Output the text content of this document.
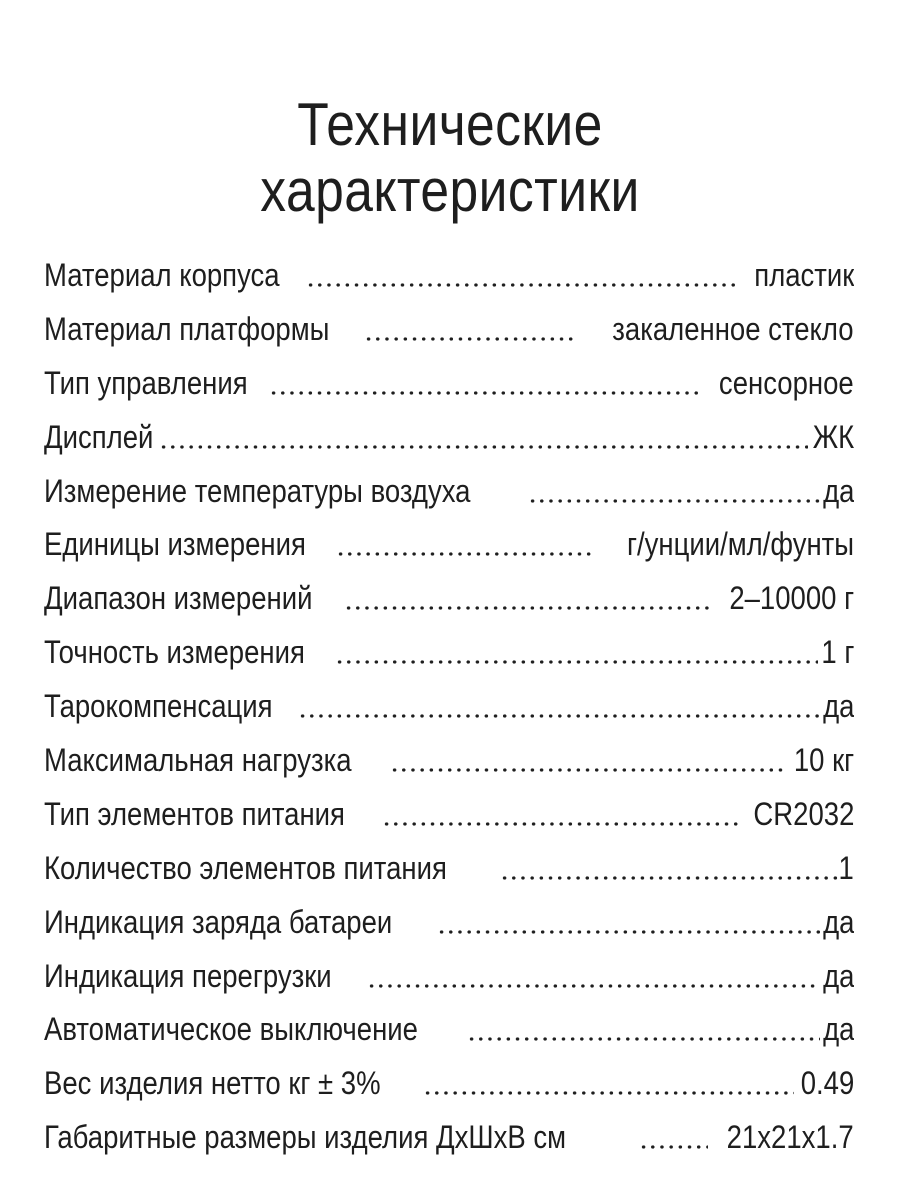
Технические
характеристики
Материал корпуса	пластик
Материал платформы	закаленное стекло
Тип управления	сенсорное
Дисплей	ЖК
Измерение температуры воздуха	да
Единицы измерения	г/унции/мл/фунты
Диапазон измерений	2–10000 г
Точность измерения	1 г
Тарокомпенсация	да
Максимальная нагрузка	10 кг
Тип элементов питания	CR2032
Количество элементов питания	1
Индикация заряда батареи	да
Индикация перегрузки	да
Автоматическое выключение	да
Вес изделия нетто кг ± 3%	0.49
Габаритные размеры изделия ДхШхВ см	21х21х1.7
